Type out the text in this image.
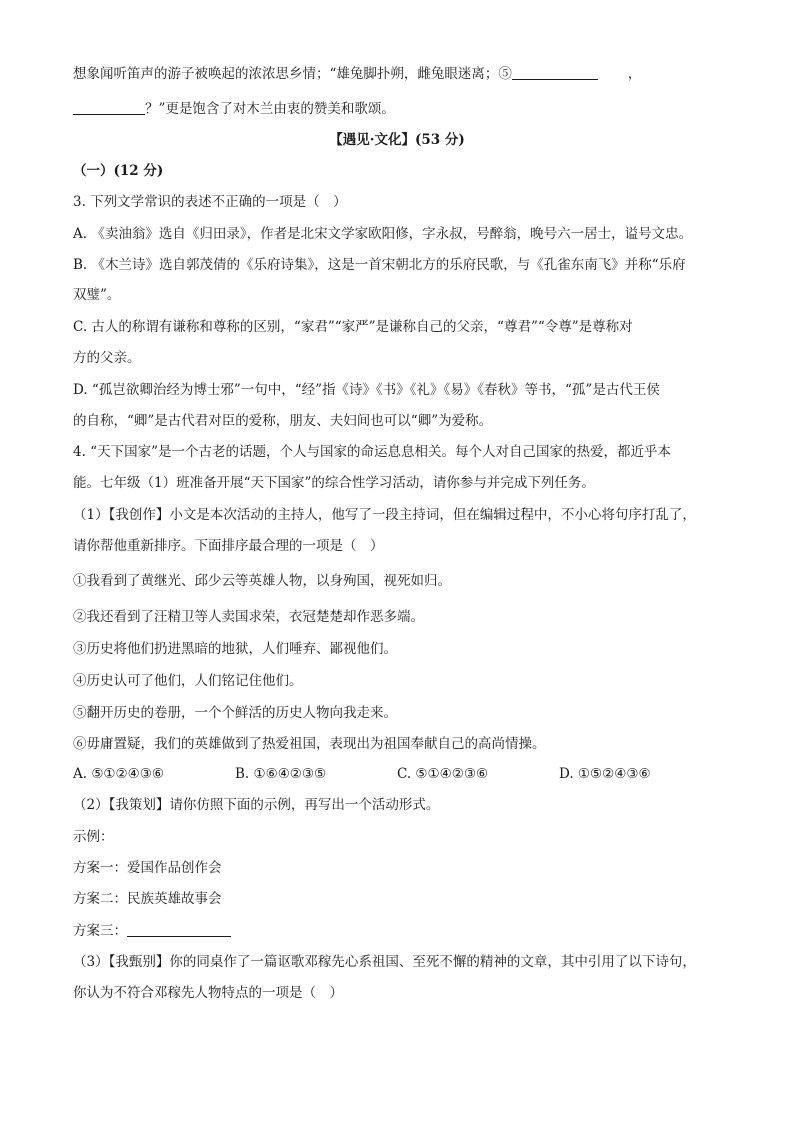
想象闻听笛声的游子被唤起的浓浓思乡情；“雄兔脚扑朔，雌兔眼迷离；⑤	，
？”更是饱含了对木兰由衷的赞美和歌颂。
【遇见·文化】(53 分)
（一）(12 分)
3. 下列文学常识的表述不正确的一项是（　）
A. 《卖油翁》选自《归田录》，作者是北宋文学家欧阳修，字永叔，号醉翁，晚号六一居士，谥号文忠。
B. 《木兰诗》选自郭茂倩的《乐府诗集》，这是一首宋朝北方的乐府民歌，与《孔雀东南飞》并称“乐府
双璧”。
C. 古人的称谓有谦称和尊称的区别，“家君”“家严”是谦称自己的父亲，“尊君”“令尊”是尊称对
方的父亲。
D. “孤岂欲卿治经为博士邪”一句中，“经”指《诗》《书》《礼》《易》《春秋》等书，“孤”是古代王侯
的自称，“卿”是古代君对臣的爱称，朋友、夫妇间也可以“卿”为爱称。
4. “天下国家”是一个古老的话题，个人与国家的命运息息相关。每个人对自己国家的热爱，都近乎本
能。七年级（1）班准备开展“天下国家”的综合性学习活动，请你参与并完成下列任务。
（1）【我创作】小文是本次活动的主持人，他写了一段主持词，但在编辑过程中，不小心将句序打乱了，
请你帮他重新排序。下面排序最合理的一项是（　）
①我看到了黄继光、邱少云等英雄人物，以身殉国，视死如归。
②我还看到了汪精卫等人卖国求荣，衣冠楚楚却作恶多端。
③历史将他们扔进黑暗的地狱，人们唾弃、鄙视他们。
④历史认可了他们，人们铭记住他们。
⑤翻开历史的卷册，一个个鲜活的历史人物向我走来。
⑥毋庸置疑，我们的英雄做到了热爱祖国，表现出为祖国奉献自己的高尚情操。
A. ⑤①②④③⑥	B. ①⑥④②③⑤	C. ⑤①④②③⑥	D. ①⑤②④③⑥
（2）【我策划】请你仿照下面的示例，再写出一个活动形式。
示例：
方案一：爱国作品创作会
方案二：民族英雄故事会
方案三：
（3）【我甄别】你的同桌作了一篇讴歌邓稼先心系祖国、至死不懈的精神的文章，其中引用了以下诗句，
你认为不符合邓稼先人物特点的一项是（　）
